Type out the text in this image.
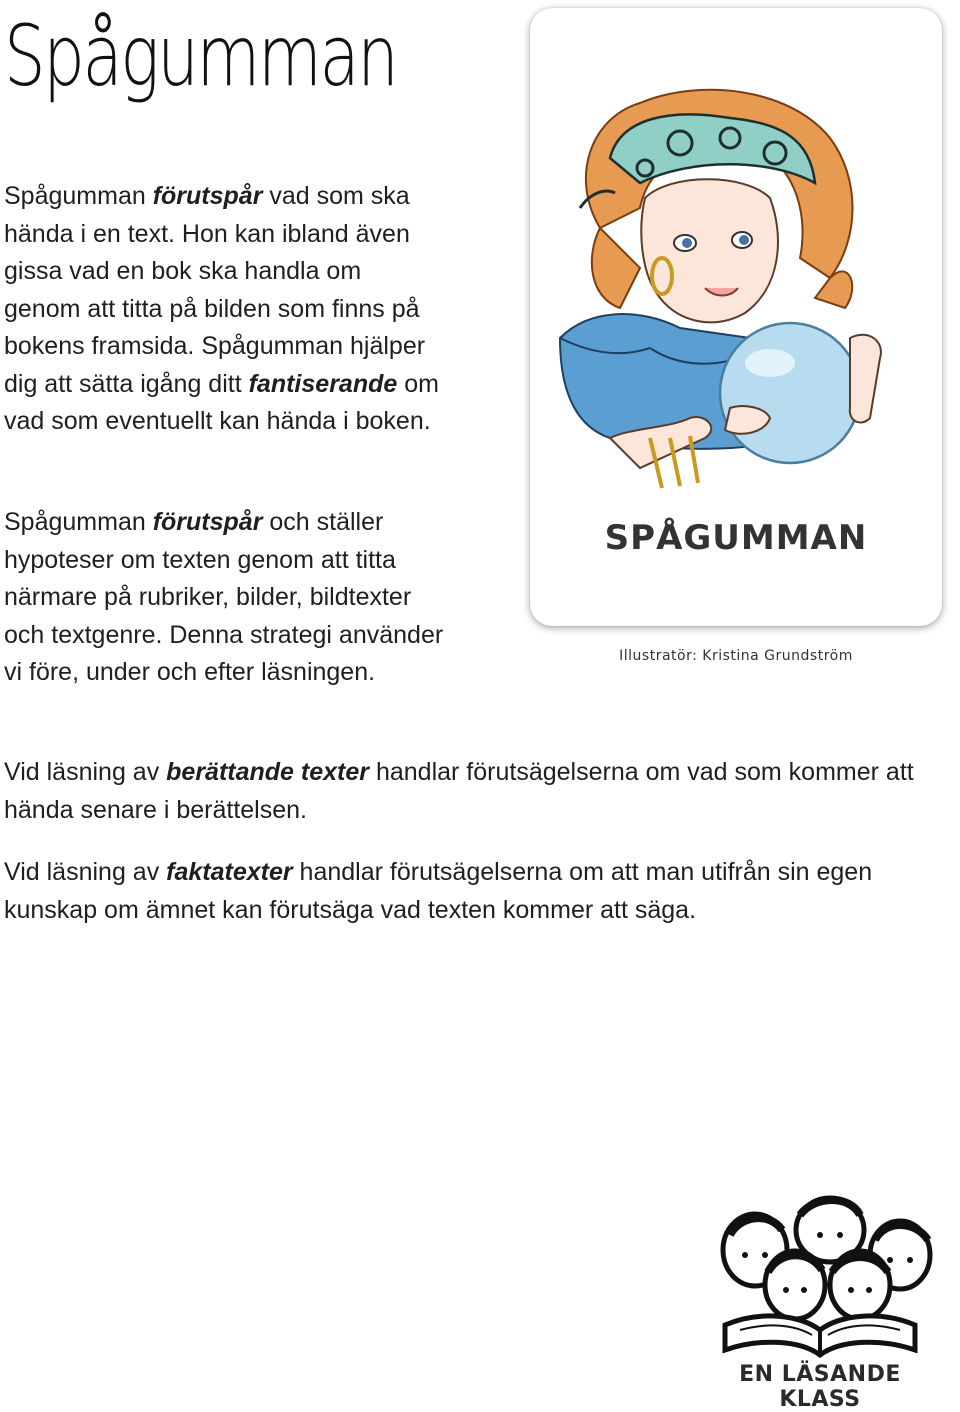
Spågumman

Spågumman förutspår vad som ska hända i en text. Hon kan ibland även gissa vad en bok ska handla om genom att titta på bilden som finns på bokens framsida. Spågumman hjälper dig att sätta igång ditt fantiserande om vad som eventuellt kan hända i boken.

Spågumman förutspår och ställer hypoteser om texten genom att titta närmare på rubriker, bilder, bildtexter och textgenre. Denna strategi använder vi före, under och efter läsningen.

Vid läsning av berättande texter handlar förutsägelserna om vad som kommer att hända senare i berättelsen.

Vid läsning av faktatexter handlar förutsägelserna om att man utifrån sin egen kunskap om ämnet kan förutsäga vad texten kommer att säga.

SPÅGUMMAN
Illustratör: Kristina Grundström
EN LÄSANDE KLASS
